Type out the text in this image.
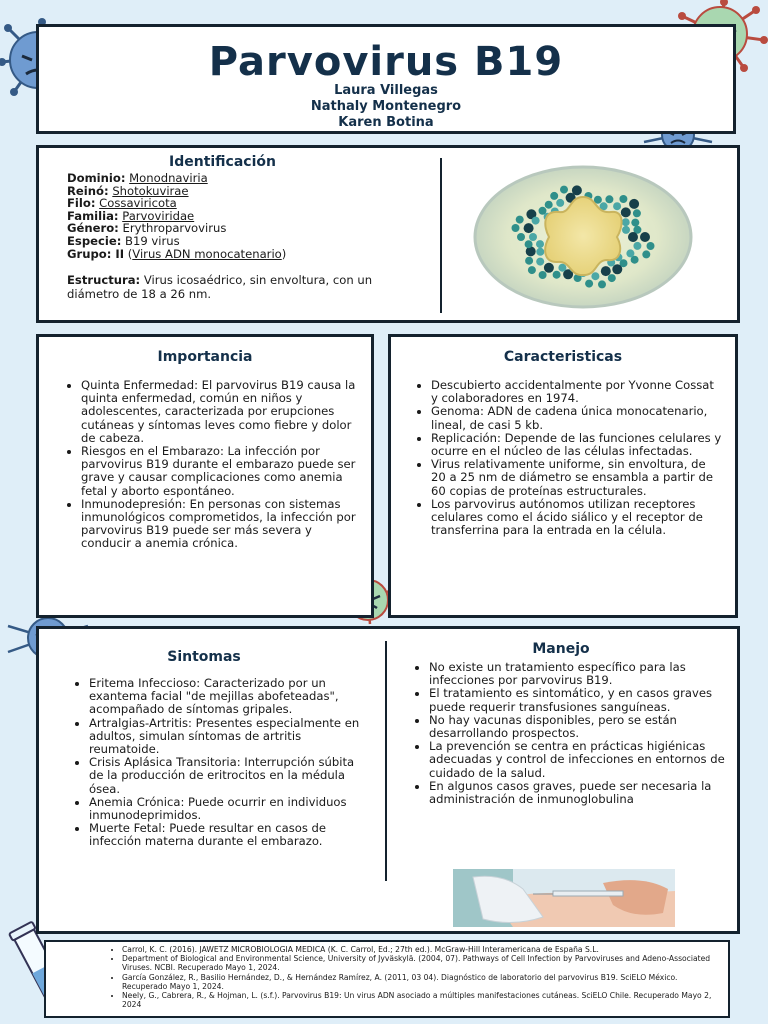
Parvovirus B19
Laura Villegas
Nathaly Montenegro
Karen Botina
Identificación
Dominio: Monodnaviria
Reinó: Shotokuvirae
Filo: Cossaviricota
Familia: Parvoviridae
Género: Erythroparvovirus
Especie: B19 virus
Grupo: II (Virus ADN monocatenario)
Estructura: Virus icosaédrico, sin envoltura, con un diámetro de 18 a 26 nm.
Importancia
• Quinta Enfermedad: El parvovirus B19 causa la quinta enfermedad, común en niños y adolescentes, caracterizada por erupciones cutáneas y síntomas leves como fiebre y dolor de cabeza.
• Riesgos en el Embarazo: La infección por parvovirus B19 durante el embarazo puede ser grave y causar complicaciones como anemia fetal y aborto espontáneo.
• Inmunodepresión: En personas con sistemas inmunológicos comprometidos, la infección por parvovirus B19 puede ser más severa y conducir a anemia crónica.
Caracteristicas
• Descubierto accidentalmente por Yvonne Cossat y colaboradores en 1974.
• Genoma: ADN de cadena única monocatenario, lineal, de casi 5 kb.
• Replicación: Depende de las funciones celulares y ocurre en el núcleo de las células infectadas.
• Virus relativamente uniforme, sin envoltura, de 20 a 25 nm de diámetro se ensambla a partir de 60 copias de proteínas estructurales.
• Los parvovirus autónomos utilizan receptores celulares como el ácido siálico y el receptor de transferrina para la entrada en la célula.
Sintomas
• Eritema Infeccioso: Caracterizado por un exantema facial "de mejillas abofeteadas", acompañado de síntomas gripales.
• Artralgias-Artritis: Presentes especialmente en adultos, simulan síntomas de artritis reumatoide.
• Crisis Aplásica Transitoria: Interrupción súbita de la producción de eritrocitos en la médula ósea.
• Anemia Crónica: Puede ocurrir en individuos inmunodeprimidos.
• Muerte Fetal: Puede resultar en casos de infección materna durante el embarazo.
Manejo
• No existe un tratamiento específico para las infecciones por parvovirus B19.
• El tratamiento es sintomático, y en casos graves puede requerir transfusiones sanguíneas.
• No hay vacunas disponibles, pero se están desarrollando prospectos.
• La prevención se centra en prácticas higiénicas adecuadas y control de infecciones en entornos de cuidado de la salud.
• En algunos casos graves, puede ser necesaria la administración de inmunoglobulina
• Carrol, K. C. (2016). JAWETZ MICROBIOLOGIA MEDICA (K. C. Carrol, Ed.; 27th ed.). McGraw-Hill Interamericana de España S.L.
• Department of Biological and Environmental Science, University of Jyväskylä. (2004, 07). Pathways of Cell Infection by Parvoviruses and Adeno-Associated Viruses. NCBI. Recuperado Mayo 1, 2024.
• García González, R., Basilio Hernández, D., & Hernández Ramírez, A. (2011, 03 04). Diagnóstico de laboratorio del parvovirus B19. SciELO México. Recuperado Mayo 1, 2024.
• Neely, G., Cabrera, R., & Hojman, L. (s.f.). Parvovirus B19: Un virus ADN asociado a múltiples manifestaciones cutáneas. SciELO Chile. Recuperado Mayo 2, 2024
